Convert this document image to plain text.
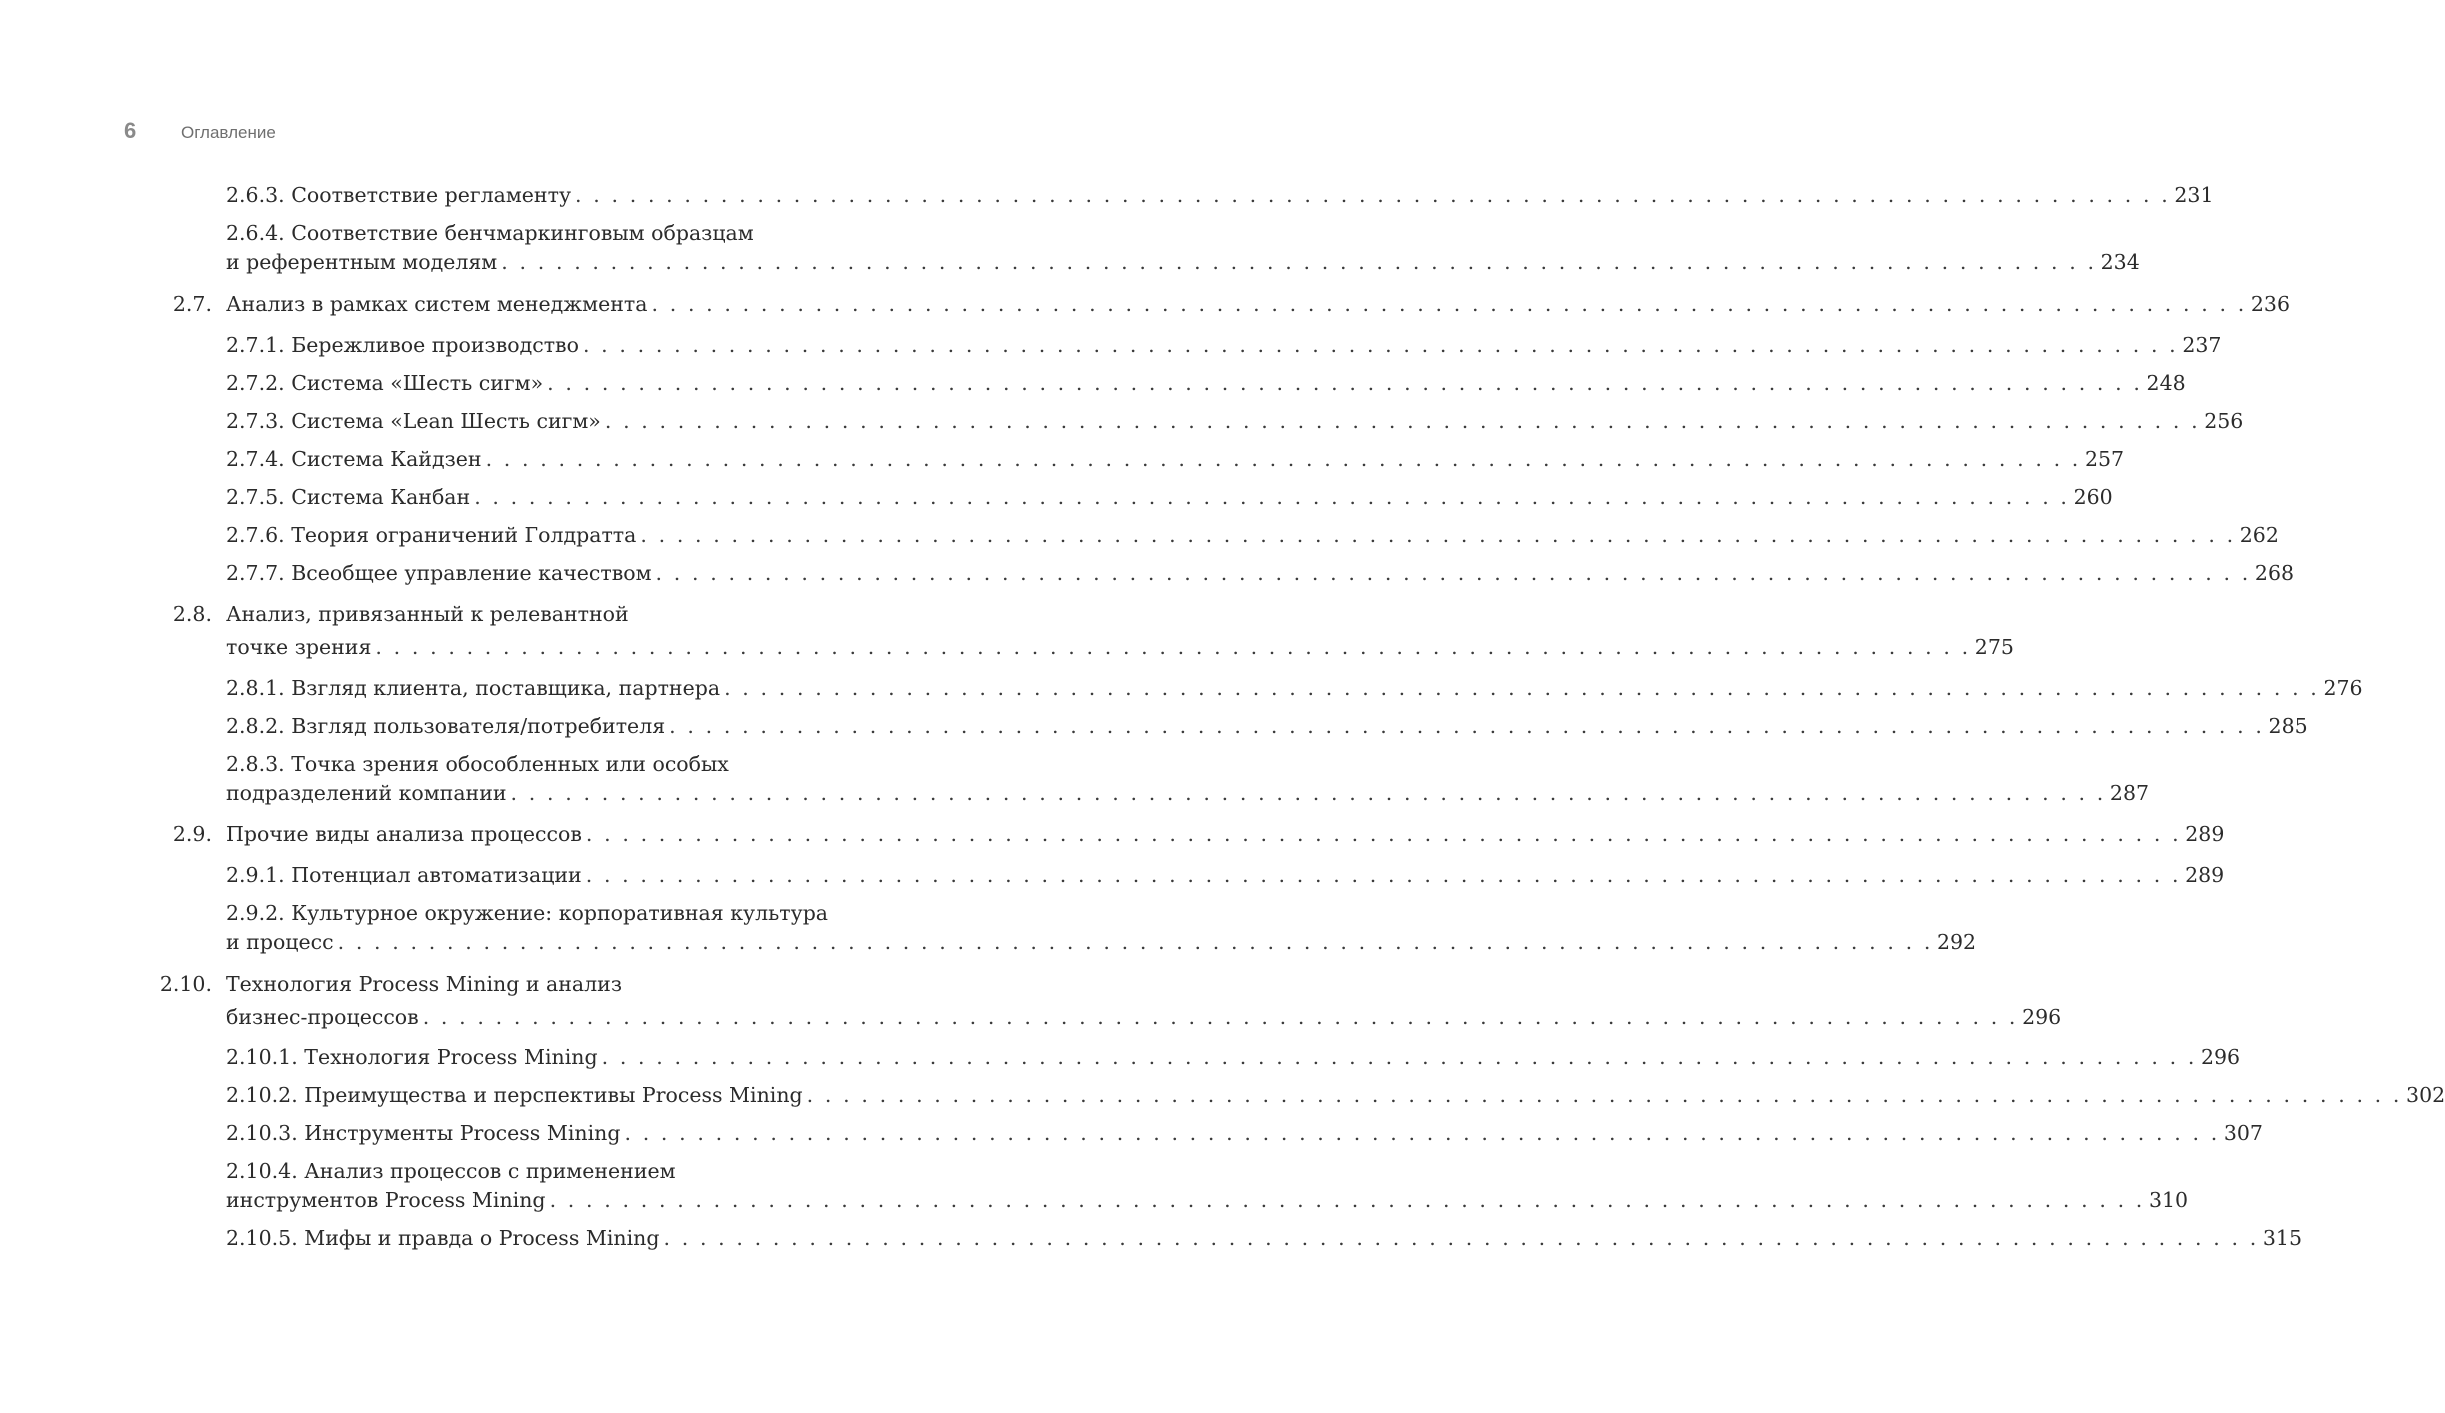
6	Оглавление
2.6.3. Соответствие регламенту . . . . . . . . . . . . . . . . . . . . . . . . . . . . . . . . . . . . . . . . . . . . . . . . . . . . . . . . . . . . . . . . . . . . . . . . . . . . . . . . . . . . . . . . 231
2.6.4. Соответствие бенчмаркинговым образцам
и референтным моделям . . . . . . . . . . . . . . . . . . . . . . . . . . . . . . . . . . . . . . . . . . . . . . . . . . . . . . . . . . . . . . . . . . . . . . . . . . . . . . . . . . . . . . . . 234
2.7. Анализ в рамках систем менеджмента . . . . . . . . . . . . . . . . . . . . . . . . . . . . . . . . . . . . . . . . . . . . . . . . . . . . . . . . . . . . . . . . . . . . . . . . . . . . . . . . . . . . . . . . 236
2.7.1. Бережливое производство . . . . . . . . . . . . . . . . . . . . . . . . . . . . . . . . . . . . . . . . . . . . . . . . . . . . . . . . . . . . . . . . . . . . . . . . . . . . . . . . . . . . . . . . 237
2.7.2. Система «Шесть сигм» . . . . . . . . . . . . . . . . . . . . . . . . . . . . . . . . . . . . . . . . . . . . . . . . . . . . . . . . . . . . . . . . . . . . . . . . . . . . . . . . . . . . . . . . 248
2.7.3. Система «Lean Шесть сигм» . . . . . . . . . . . . . . . . . . . . . . . . . . . . . . . . . . . . . . . . . . . . . . . . . . . . . . . . . . . . . . . . . . . . . . . . . . . . . . . . . . . . . . . . 256
2.7.4. Система Кайдзен . . . . . . . . . . . . . . . . . . . . . . . . . . . . . . . . . . . . . . . . . . . . . . . . . . . . . . . . . . . . . . . . . . . . . . . . . . . . . . . . . . . . . . . . 257
2.7.5. Система Канбан . . . . . . . . . . . . . . . . . . . . . . . . . . . . . . . . . . . . . . . . . . . . . . . . . . . . . . . . . . . . . . . . . . . . . . . . . . . . . . . . . . . . . . . . 260
2.7.6. Теория ограничений Голдратта . . . . . . . . . . . . . . . . . . . . . . . . . . . . . . . . . . . . . . . . . . . . . . . . . . . . . . . . . . . . . . . . . . . . . . . . . . . . . . . . . . . . . . . . 262
2.7.7. Всеобщее управление качеством . . . . . . . . . . . . . . . . . . . . . . . . . . . . . . . . . . . . . . . . . . . . . . . . . . . . . . . . . . . . . . . . . . . . . . . . . . . . . . . . . . . . . . . . 268
2.8. Анализ, привязанный к релевантной
точке зрения . . . . . . . . . . . . . . . . . . . . . . . . . . . . . . . . . . . . . . . . . . . . . . . . . . . . . . . . . . . . . . . . . . . . . . . . . . . . . . . . . . . . . . . . 275
2.8.1. Взгляд клиента, поставщика, партнера . . . . . . . . . . . . . . . . . . . . . . . . . . . . . . . . . . . . . . . . . . . . . . . . . . . . . . . . . . . . . . . . . . . . . . . . . . . . . . . . . . . . . . . . 276
2.8.2. Взгляд пользователя/потребителя . . . . . . . . . . . . . . . . . . . . . . . . . . . . . . . . . . . . . . . . . . . . . . . . . . . . . . . . . . . . . . . . . . . . . . . . . . . . . . . . . . . . . . . . 285
2.8.3. Точка зрения обособленных или особых
подразделений компании . . . . . . . . . . . . . . . . . . . . . . . . . . . . . . . . . . . . . . . . . . . . . . . . . . . . . . . . . . . . . . . . . . . . . . . . . . . . . . . . . . . . . . . . 287
2.9. Прочие виды анализа процессов . . . . . . . . . . . . . . . . . . . . . . . . . . . . . . . . . . . . . . . . . . . . . . . . . . . . . . . . . . . . . . . . . . . . . . . . . . . . . . . . . . . . . . . . 289
2.9.1. Потенциал автоматизации . . . . . . . . . . . . . . . . . . . . . . . . . . . . . . . . . . . . . . . . . . . . . . . . . . . . . . . . . . . . . . . . . . . . . . . . . . . . . . . . . . . . . . . . 289
2.9.2. Культурное окружение: корпоративная культура
и процесс . . . . . . . . . . . . . . . . . . . . . . . . . . . . . . . . . . . . . . . . . . . . . . . . . . . . . . . . . . . . . . . . . . . . . . . . . . . . . . . . . . . . . . . . 292
2.10. Технология Process Mining и анализ
бизнес-процессов . . . . . . . . . . . . . . . . . . . . . . . . . . . . . . . . . . . . . . . . . . . . . . . . . . . . . . . . . . . . . . . . . . . . . . . . . . . . . . . . . . . . . . . . 296
2.10.1. Технология Process Mining . . . . . . . . . . . . . . . . . . . . . . . . . . . . . . . . . . . . . . . . . . . . . . . . . . . . . . . . . . . . . . . . . . . . . . . . . . . . . . . . . . . . . . . . 296
2.10.2. Преимущества и перспективы Process Mining . . . . . . . . . . . . . . . . . . . . . . . . . . . . . . . . . . . . . . . . . . . . . . . . . . . . . . . . . . . . . . . . . . . . . . . . . . . . . . . . . . . . . . . . 302
2.10.3. Инструменты Process Mining . . . . . . . . . . . . . . . . . . . . . . . . . . . . . . . . . . . . . . . . . . . . . . . . . . . . . . . . . . . . . . . . . . . . . . . . . . . . . . . . . . . . . . . . 307
2.10.4. Анализ процессов с применением
инструментов Process Mining . . . . . . . . . . . . . . . . . . . . . . . . . . . . . . . . . . . . . . . . . . . . . . . . . . . . . . . . . . . . . . . . . . . . . . . . . . . . . . . . . . . . . . . . 310
2.10.5. Мифы и правда о Process Mining . . . . . . . . . . . . . . . . . . . . . . . . . . . . . . . . . . . . . . . . . . . . . . . . . . . . . . . . . . . . . . . . . . . . . . . . . . . . . . . . . . . . . . . . 315
